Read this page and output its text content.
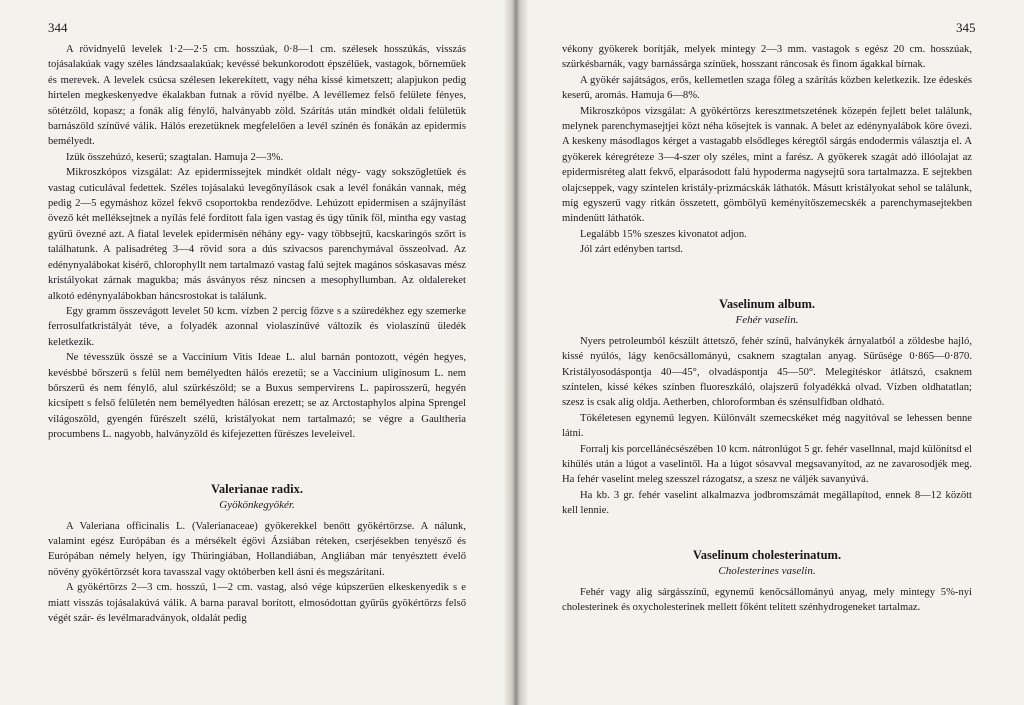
344

A rövidnyelű levelek 1·2—2·5 cm. hosszúak, 0·8—1 cm. szélesek hosszúkás, visszás tojásalakúak vagy széles lándzsaalakúak; kevéssé bekunkorodott épszélűek, vastagok, bőrneműek és merevek. A levelek csúcsa szélesen lekerekített, vagy néha kissé kimetszett; alapjukon pedig hirtelen megkeskenyedve ékalakban futnak a rövid nyélbe. A levéllemez felső felülete fényes, sötétzöld, kopasz; a fonák alig fénylő, halványabb zöld. Szárítás után mindkét oldali felületük barnászöld színűvé válik. Hálós erezetüknek megfelelően a levél színén és fonákán az epidermis bemélyedt.

Izük összehúzó, keserű; szagtalan. Hamuja 2—3%.

Mikroszkópos vizsgálat: Az epidermissejtek mindkét oldalt négy- vagy sokszögletűek és vastag cuticulával fedettek. Széles tojásalakú levegőnyílások csak a levél fonákán vannak, még pedig 2—5 egymáshoz közel fekvő csoportokba rendeződve. Lehúzott epidermisen a szájnyílást övező két melléksejtnek a nyílás felé fordított fala igen vastag és úgy tűnik föl, mintha egy vastag gyűrű övezné azt. A fiatal levelek epidermisén néhány egy- vagy többsejtű, kacskaringós szőrt is találhatunk. A palisadréteg 3—4 rövid sora a dús szivacsos parenchymával összeolvad. Az edénynyalábokat kisérő, chlorophyllt nem tartalmazó vastag falú sejtek magános sóskasavas mész kristályokat zárnak magukba; más ásványos rész nincsen a mesophyllumban. Az oldalereket alkotó edénynyalábokban háncsrostokat is találunk.

Egy gramm összevágott levelet 50 kcm. vízben 2 percig főzve s a szüredékhez egy szemerke ferrosulfatkristályát téve, a folyadék azonnal violaszínűvé változik és violaszínű üledék keletkezik.

Ne tévesszük összé se a Vaccinium Vitis Ideae L. alul barnán pontozott, végén hegyes, kevésbbé bőrszerű s felül nem bemélyedten hálós erezetű; se a Vaccinium uliginosum L. nem bőrszerű és nem fénylő, alul szürkészöld; se a Buxus sempervirens L. papirosszerű, hegyén kicsípett s felső felületén nem bemélyedten hálósan erezett; se az Arctostaphylos alpina Sprengel világoszöld, gyengén fűrészelt szélű, kristályokat nem tartalmazó; se végre a Gaultheria procumbens L. nagyobb, halványzöld és kifejezetten fűrészes leveleivel.

Valerianae radix.
Gyökönkegyökér.

A Valeriana officinalis L. (Valerianaceae) gyökerekkel benőtt gyökértörzse. A nálunk, valamint egész Európában és a mérsékelt égövi Ázsiában réteken, cserjésekben tenyésző és Európában némely helyen, így Thüringiában, Hollandiában, Angliában már tenyésztett évelő növény gyökértörzsét kora tavasszal vagy októberben kell ásni és megszárítani.

A gyökértörzs 2—3 cm. hosszú, 1—2 cm. vastag, alsó vége kúpszerűen elkeskenyedik s e miatt visszás tojásalakúvá válik. A barna paraval borított, elmosódottan gyűrűs gyökértörzs felső végét szár- és levélmaradványok, oldalát pedig

345

vékony gyökerek borítják, melyek mintegy 2—3 mm. vastagok s egész 20 cm. hosszúak, szürkésbarnák, vagy barnássárga színűek, hosszant ráncosak és finom ágakkal bírnak.

A gyökér sajátságos, erős, kellemetlen szaga főleg a szárítás közben keletkezik. Ize édeskés keserű, aromás. Hamuja 6—8%.

Mikroszkópos vizsgálat: A gyökértörzs keresztmetszetének közepén fejlett belet találunk, melynek parenchymasejtjei közt néha kősejtek is vannak. A belet az edénynyalábok köre övezi. A keskeny másodlagos kérget a vastagabb elsődleges kéregtől sárgás endodermis választja el. A gyökerek kéregréteze 3—4-szer oly széles, mint a farész. A gyökerek szagát adó illóolajat az epidermisréteg alatt fekvő, elparásodott falú hypoderma nagysejtű sora tartalmazza. E sejtekben olajcseppek, vagy színtelen kristály-prizmácskák láthatók. Másutt kristályokat sehol se találunk, míg egyszerű vagy ritkán összetett, gömbölyű keményítőszemecskék a parenchymasejtekben mindenütt láthatók.

Legalább 15% szeszes kivonatot adjon.

Jól zárt edényben tartsd.

Vaselinum album.
Fehér vaselin.

Nyers petroleumból készült áttetsző, fehér színű, halványkék árnyalatból a zöldesbe hajló, kissé nyúlós, lágy kenőcsállományú, csaknem szagtalan anyag. Sűrűsége 0·865—0·870. Kristályosodáspontja 40—45°, olvadáspontja 45—50°. Melegítéskor átlátszó, csaknem színtelen, kissé kékes színben fluoreszkáló, olajszerű folyadékká olvad. Vízben oldhatatlan; szesz is csak alig oldja. Aetherben, chloroformban és szénsulfidban oldható.

Tökéletesen egynemű legyen. Különvált szemecskéket még nagyítóval se lehessen benne látni.

Forralj kis porcellánécsészében 10 kcm. nátronlúgot 5 gr. fehér vasellnnal, majd különítsd el kihűlés után a lúgot a vaselintől. Ha a lúgot sósavval megsavanyítod, az ne zavarosodjék meg. Ha fehér vaselint meleg szesszel rázogatsz, a szesz ne váljék savanyúvá.

Ha kb. 3 gr. fehér vaselint alkalmazva jodbromszámát megállapítod, ennek 8—12 között kell lennie.

Vaselinum cholesterinatum.
Cholesterines vaselin.

Fehér vagy alig sárgásszínű, egynemű kenőcsállományú anyag, mely mintegy 5%-nyi cholesterinek és oxycholesterinek mellett főként telített szénhydrogeneket tartalmaz.
